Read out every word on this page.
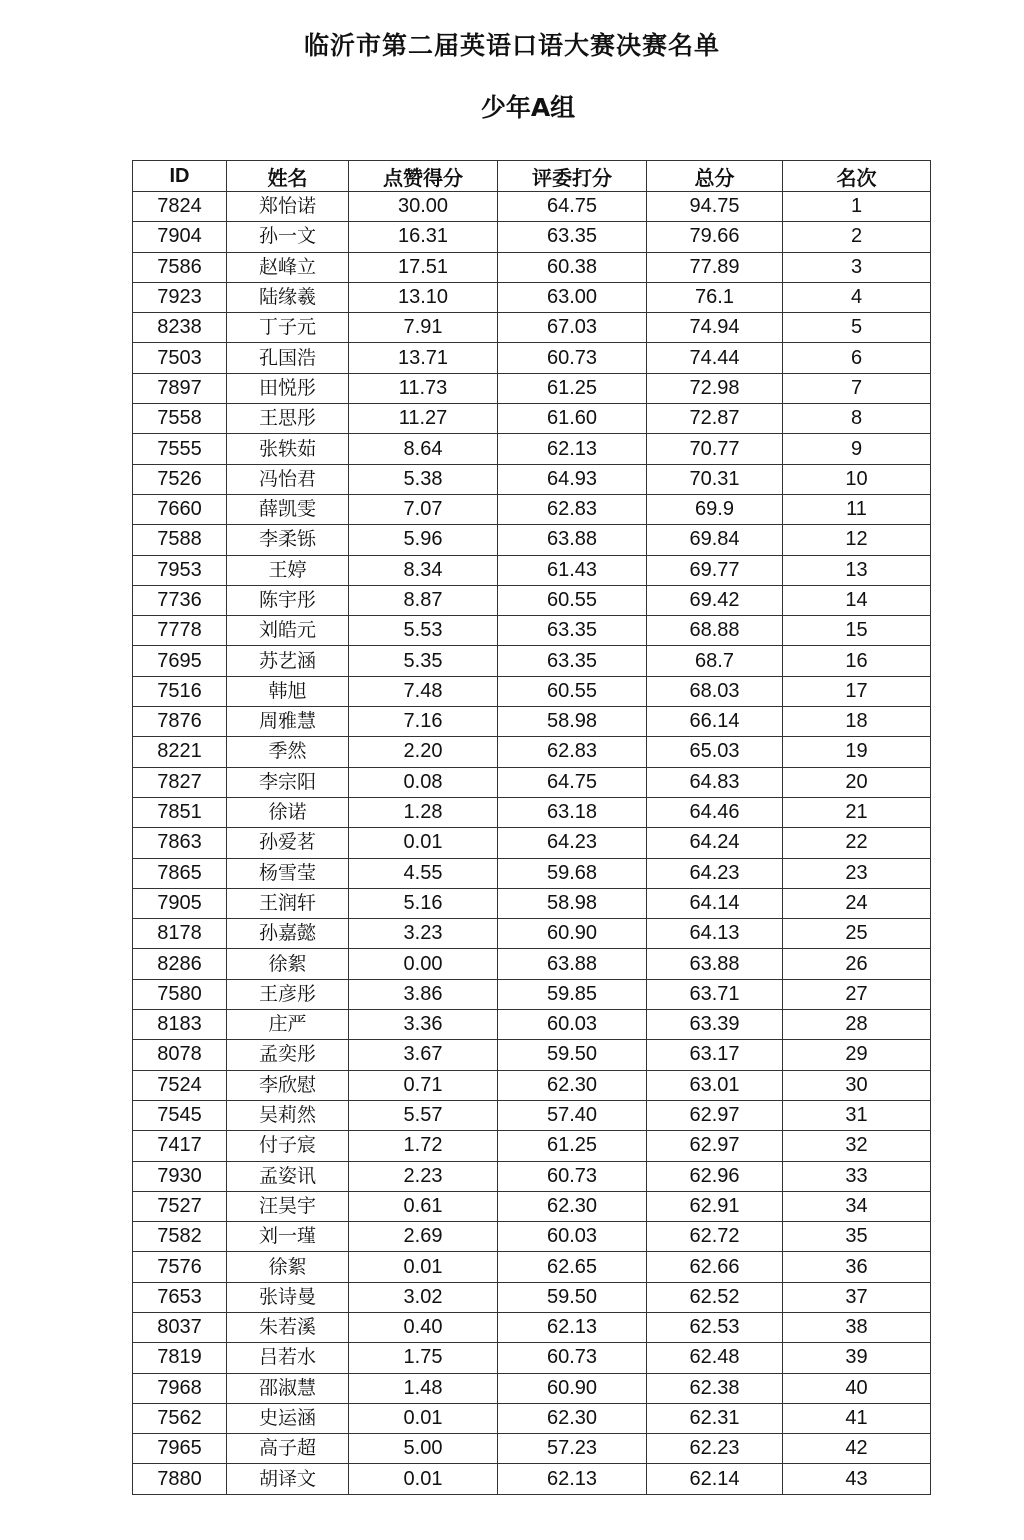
临沂市第二届英语口语大赛决赛名单
少年A组
ID	姓名	点赞得分	评委打分	总分	名次
7824	郑怡诺	30.00	64.75	94.75	1
7904	孙一文	16.31	63.35	79.66	2
7586	赵峰立	17.51	60.38	77.89	3
7923	陆缘羲	13.10	63.00	76.1	4
8238	丁子元	7.91	67.03	74.94	5
7503	孔国浩	13.71	60.73	74.44	6
7897	田悦彤	11.73	61.25	72.98	7
7558	王思彤	11.27	61.60	72.87	8
7555	张轶茹	8.64	62.13	70.77	9
7526	冯怡君	5.38	64.93	70.31	10
7660	薛凯雯	7.07	62.83	69.9	11
7588	李柔铄	5.96	63.88	69.84	12
7953	王婷	8.34	61.43	69.77	13
7736	陈宇彤	8.87	60.55	69.42	14
7778	刘皓元	5.53	63.35	68.88	15
7695	苏艺涵	5.35	63.35	68.7	16
7516	韩旭	7.48	60.55	68.03	17
7876	周雅慧	7.16	58.98	66.14	18
8221	季然	2.20	62.83	65.03	19
7827	李宗阳	0.08	64.75	64.83	20
7851	徐诺	1.28	63.18	64.46	21
7863	孙爱茗	0.01	64.23	64.24	22
7865	杨雪莹	4.55	59.68	64.23	23
7905	王润轩	5.16	58.98	64.14	24
8178	孙嘉懿	3.23	60.90	64.13	25
8286	徐絮	0.00	63.88	63.88	26
7580	王彦彤	3.86	59.85	63.71	27
8183	庄严	3.36	60.03	63.39	28
8078	孟奕彤	3.67	59.50	63.17	29
7524	李欣慰	0.71	62.30	63.01	30
7545	吴莉然	5.57	57.40	62.97	31
7417	付子宸	1.72	61.25	62.97	32
7930	孟姿讯	2.23	60.73	62.96	33
7527	汪昊宇	0.61	62.30	62.91	34
7582	刘一瑾	2.69	60.03	62.72	35
7576	徐絮	0.01	62.65	62.66	36
7653	张诗曼	3.02	59.50	62.52	37
8037	朱若溪	0.40	62.13	62.53	38
7819	吕若水	1.75	60.73	62.48	39
7968	邵淑慧	1.48	60.90	62.38	40
7562	史运涵	0.01	62.30	62.31	41
7965	高子超	5.00	57.23	62.23	42
7880	胡译文	0.01	62.13	62.14	43
